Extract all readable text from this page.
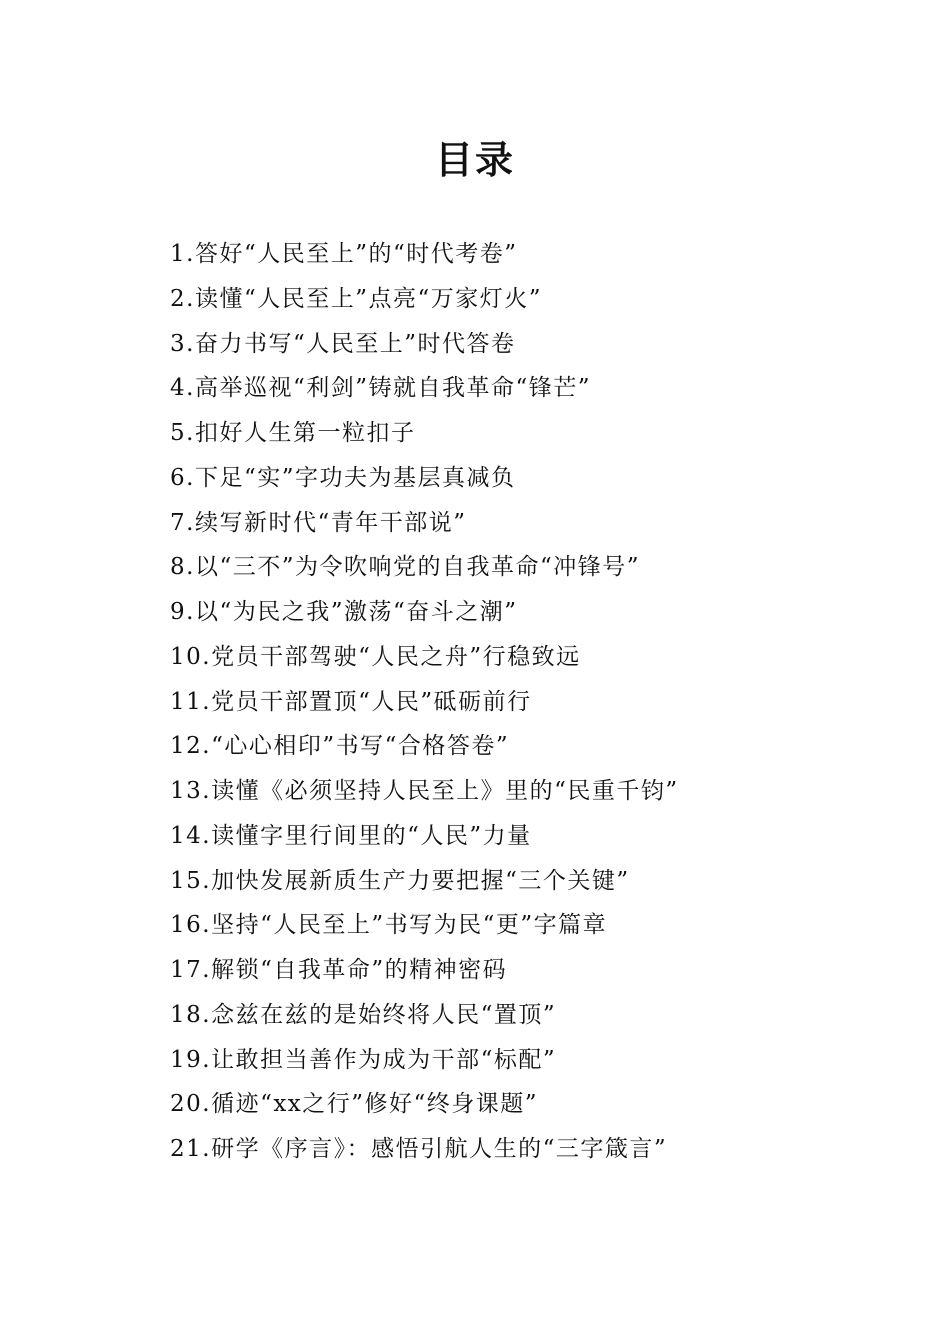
目录
1.答好“人民至上”的“时代考卷”
2.读懂“人民至上”点亮“万家灯火”
3.奋力书写“人民至上”时代答卷
4.高举巡视“利剑”铸就自我革命“锋芒”
5.扣好人生第一粒扣子
6.下足“实”字功夫为基层真减负
7.续写新时代“青年干部说”
8.以“三不”为令吹响党的自我革命“冲锋号”
9.以“为民之我”激荡“奋斗之潮”
10.党员干部驾驶“人民之舟”行稳致远
11.党员干部置顶“人民”砥砺前行
12.“心心相印”书写“合格答卷”
13.读懂《必须坚持人民至上》里的“民重千钧”
14.读懂字里行间里的“人民”力量
15.加快发展新质生产力要把握“三个关键”
16.坚持“人民至上”书写为民“更”字篇章
17.解锁“自我革命”的精神密码
18.念兹在兹的是始终将人民“置顶”
19.让敢担当善作为成为干部“标配”
20.循迹“xx之行”修好“终身课题”
21.研学《序言》：感悟引航人生的“三字箴言”
